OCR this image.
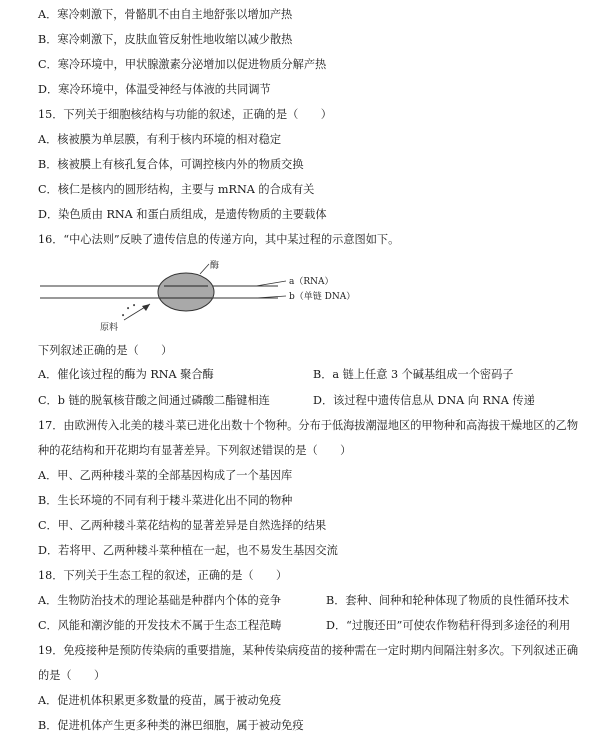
A．寒冷刺激下，骨骼肌不由自主地舒张以增加产热
B．寒冷刺激下，皮肤血管反射性地收缩以减少散热
C．寒冷环境中，甲状腺激素分泌增加以促进物质分解产热
D．寒冷环境中，体温受神经与体液的共同调节
15．下列关于细胞核结构与功能的叙述，正确的是（　　）
A．核被膜为单层膜，有利于核内环境的相对稳定
B．核被膜上有核孔复合体，可调控核内外的物质交换
C．核仁是核内的圆形结构，主要与 mRNA 的合成有关
D．染色质由 RNA 和蛋白质组成，是遗传物质的主要载体
16．“中心法则”反映了遗传信息的传递方向，其中某过程的示意图如下。
酶
a（RNA）
b（单链 DNA）
• •
•
原料
下列叙述正确的是（　　）
A．催化该过程的酶为 RNA 聚合酶	B．a 链上任意 3 个碱基组成一个密码子
C．b 链的脱氧核苷酸之间通过磷酸二酯键相连	D．该过程中遗传信息从 DNA 向 RNA 传递
17．由欧洲传入北美的耧斗菜已进化出数十个物种。分布于低海拔潮湿地区的甲物种和高海拔干燥地区的乙物
种的花结构和开花期均有显著差异。下列叙述错误的是（　　）
A．甲、乙两种耧斗菜的全部基因构成了一个基因库
B．生长环境的不同有利于耧斗菜进化出不同的物种
C．甲、乙两种耧斗菜花结构的显著差异是自然选择的结果
D．若将甲、乙两种耧斗菜种植在一起，也不易发生基因交流
18．下列关于生态工程的叙述，正确的是（　　）
A．生物防治技术的理论基础是种群内个体的竞争	B．套种、间种和轮种体现了物质的良性循环技术
C．风能和潮汐能的开发技术不属于生态工程范畴	D．“过腹还田”可使农作物秸秆得到多途径的利用
19．免疫接种是预防传染病的重要措施，某种传染病疫苗的接种需在一定时期内间隔注射多次。下列叙述正确
的是（　　）
A．促进机体积累更多数量的疫苗，属于被动免疫
B．促进机体产生更多种类的淋巴细胞，属于被动免疫
